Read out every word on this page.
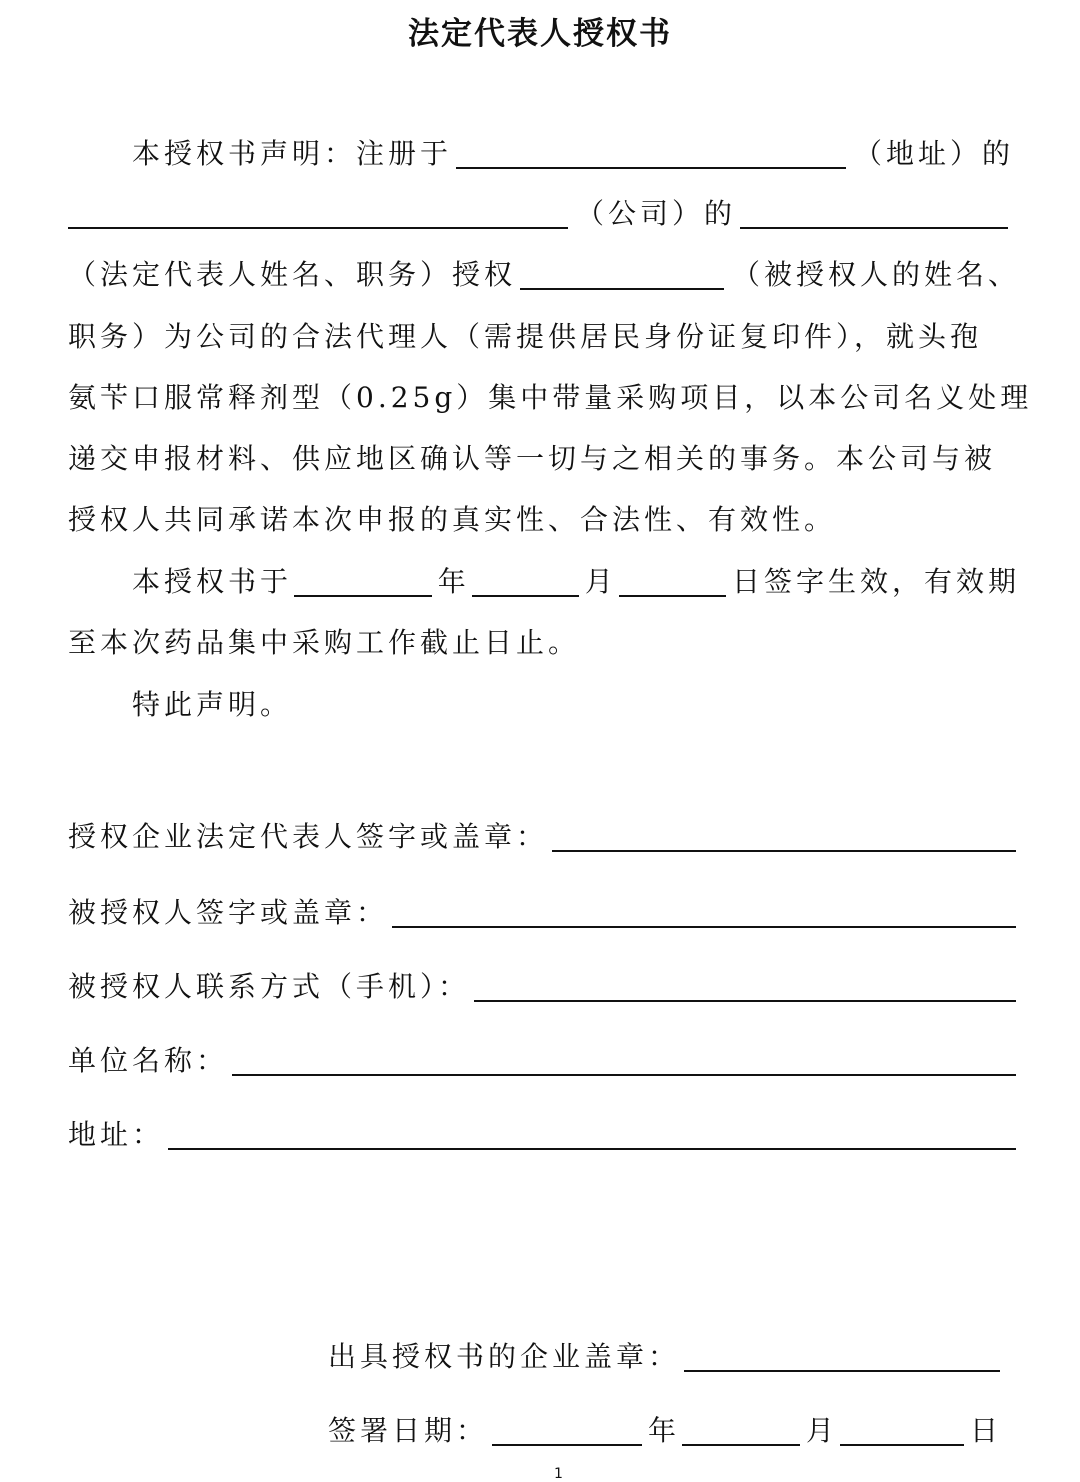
法定代表人授权书
本授权书声明：注册于	（地址）的
（公司）的
（法定代表人姓名、职务）授权	（被授权人的姓名、
职务）为公司的合法代理人（需提供居民身份证复印件），就头孢
氨苄口服常释剂型（0.25g）集中带量采购项目，以本公司名义处理
递交申报材料、供应地区确认等一切与之相关的事务。本公司与被
授权人共同承诺本次申报的真实性、合法性、有效性。
本授权书于	年	月	日签字生效，有效期
至本次药品集中采购工作截止日止。
特此声明。
授权企业法定代表人签字或盖章：
被授权人签字或盖章：
被授权人联系方式（手机）：
单位名称：
地址：
出具授权书的企业盖章：
签署日期：	年	月	日
1
